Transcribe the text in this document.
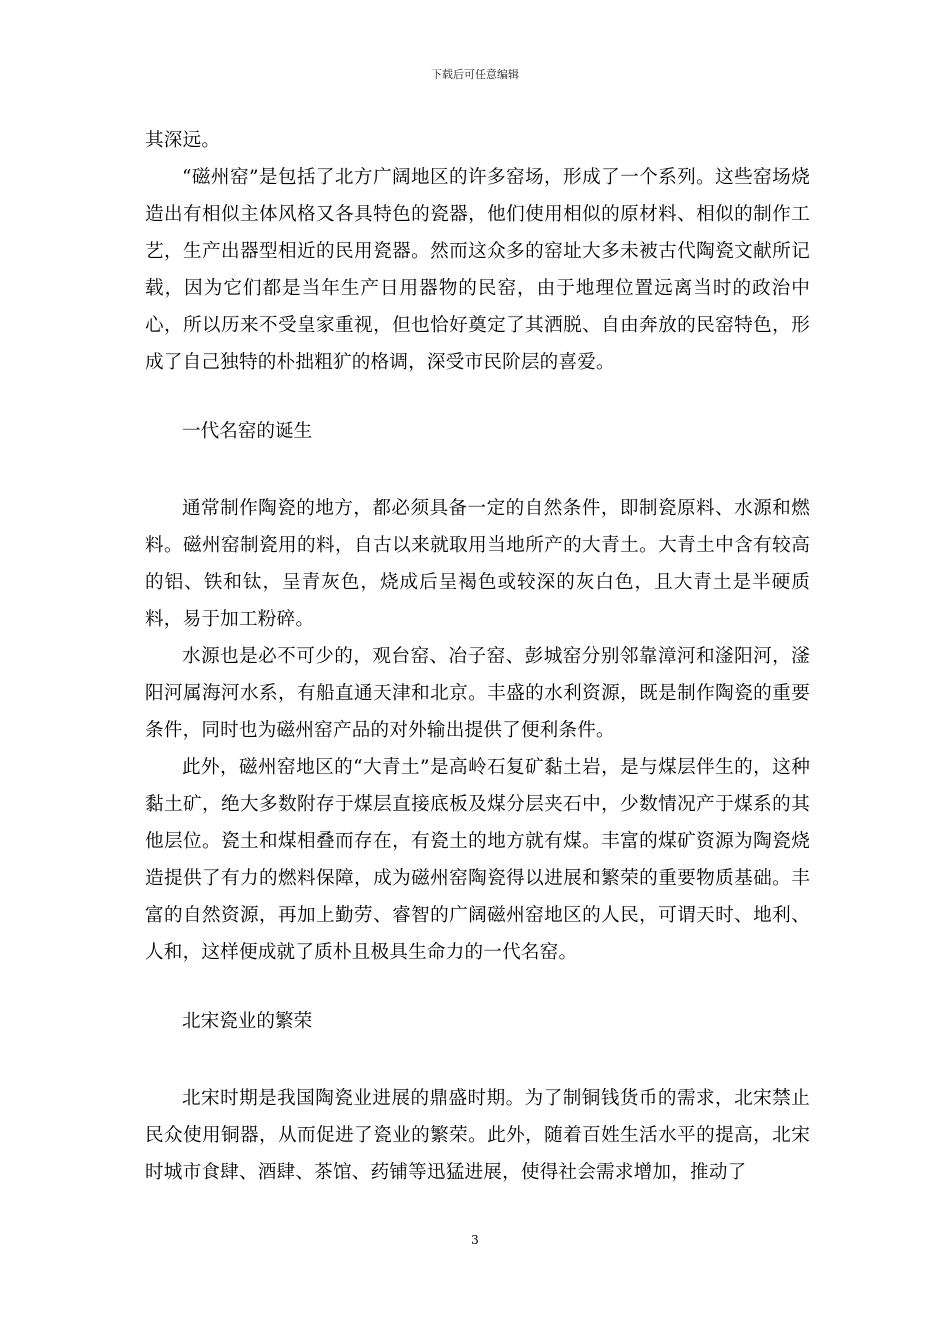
下载后可任意编辑

其深远。

“磁州窑”是包括了北方广阔地区的许多窑场，形成了一个系列。这些窑场烧造出有相似主体风格又各具特色的瓷器，他们使用相似的原材料、相似的制作工艺，生产出器型相近的民用瓷器。然而这众多的窑址大多未被古代陶瓷文献所记载，因为它们都是当年生产日用器物的民窑，由于地理位置远离当时的政治中心，所以历来不受皇家重视，但也恰好奠定了其洒脱、自由奔放的民窑特色，形成了自己独特的朴拙粗犷的格调，深受市民阶层的喜爱。

一代名窑的诞生

通常制作陶瓷的地方，都必须具备一定的自然条件，即制瓷原料、水源和燃料。磁州窑制瓷用的料，自古以来就取用当地所产的大青土。大青土中含有较高的铝、铁和钛，呈青灰色，烧成后呈褐色或较深的灰白色，且大青土是半硬质料，易于加工粉碎。

水源也是必不可少的，观台窑、冶子窑、彭城窑分别邻靠漳河和滏阳河，滏阳河属海河水系，有船直通天津和北京。丰盛的水利资源，既是制作陶瓷的重要条件，同时也为磁州窑产品的对外输出提供了便利条件。

此外，磁州窑地区的“大青土”是高岭石复矿黏土岩，是与煤层伴生的，这种黏土矿，绝大多数附存于煤层直接底板及煤分层夹石中，少数情况产于煤系的其他层位。瓷土和煤相叠而存在，有瓷土的地方就有煤。丰富的煤矿资源为陶瓷烧造提供了有力的燃料保障，成为磁州窑陶瓷得以进展和繁荣的重要物质基础。丰富的自然资源，再加上勤劳、睿智的广阔磁州窑地区的人民，可谓天时、地利、人和，这样便成就了质朴且极具生命力的一代名窑。

北宋瓷业的繁荣

北宋时期是我国陶瓷业进展的鼎盛时期。为了制铜钱货币的需求，北宋禁止民众使用铜器，从而促进了瓷业的繁荣。此外，随着百姓生活水平的提高，北宋时城市食肆、酒肆、茶馆、药铺等迅猛进展，使得社会需求增加，推动了

3
